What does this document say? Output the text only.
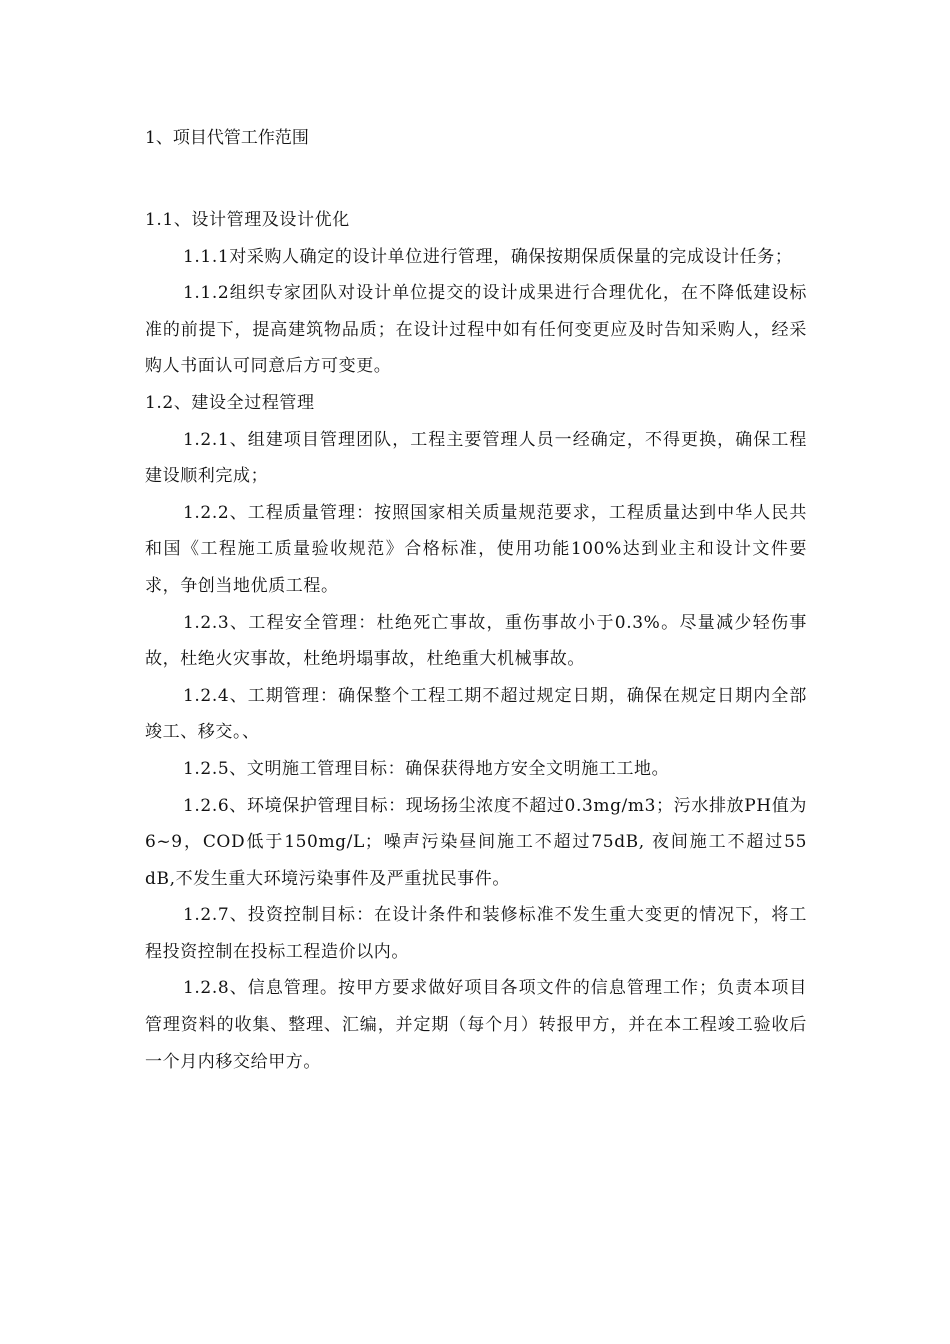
1、项目代管工作范围
1.1、设计管理及设计优化

1.1.1对采购人确定的设计单位进行管理，确保按期保质保量的完成设计任务；

1.1.2组织专家团队对设计单位提交的设计成果进行合理优化，在不降低建设标准的前提下，提高建筑物品质；在设计过程中如有任何变更应及时告知采购人，经采购人书面认可同意后方可变更。

1.2、建设全过程管理

1.2.1、组建项目管理团队，工程主要管理人员一经确定，不得更换，确保工程建设顺利完成；

1.2.2、工程质量管理：按照国家相关质量规范要求，工程质量达到中华人民共和国《工程施工质量验收规范》合格标准，使用功能100%达到业主和设计文件要求，争创当地优质工程。

1.2.3、工程安全管理：杜绝死亡事故，重伤事故小于0.3%。尽量减少轻伤事故，杜绝火灾事故，杜绝坍塌事故，杜绝重大机械事故。

1.2.4、工期管理：确保整个工程工期不超过规定日期，确保在规定日期内全部竣工、移交。、

1.2.5、文明施工管理目标：确保获得地方安全文明施工工地。

1.2.6、环境保护管理目标：现场扬尘浓度不超过0.3mg/m3；污水排放PH值为6~9，COD低于150mg/L；噪声污染昼间施工不超过75dB, 夜间施工不超过55 dB,不发生重大环境污染事件及严重扰民事件。

1.2.7、投资控制目标：在设计条件和装修标准不发生重大变更的情况下，将工程投资控制在投标工程造价以内。

1.2.8、信息管理。按甲方要求做好项目各项文件的信息管理工作；负责本项目管理资料的收集、整理、汇编，并定期（每个月）转报甲方，并在本工程竣工验收后一个月内移交给甲方。
